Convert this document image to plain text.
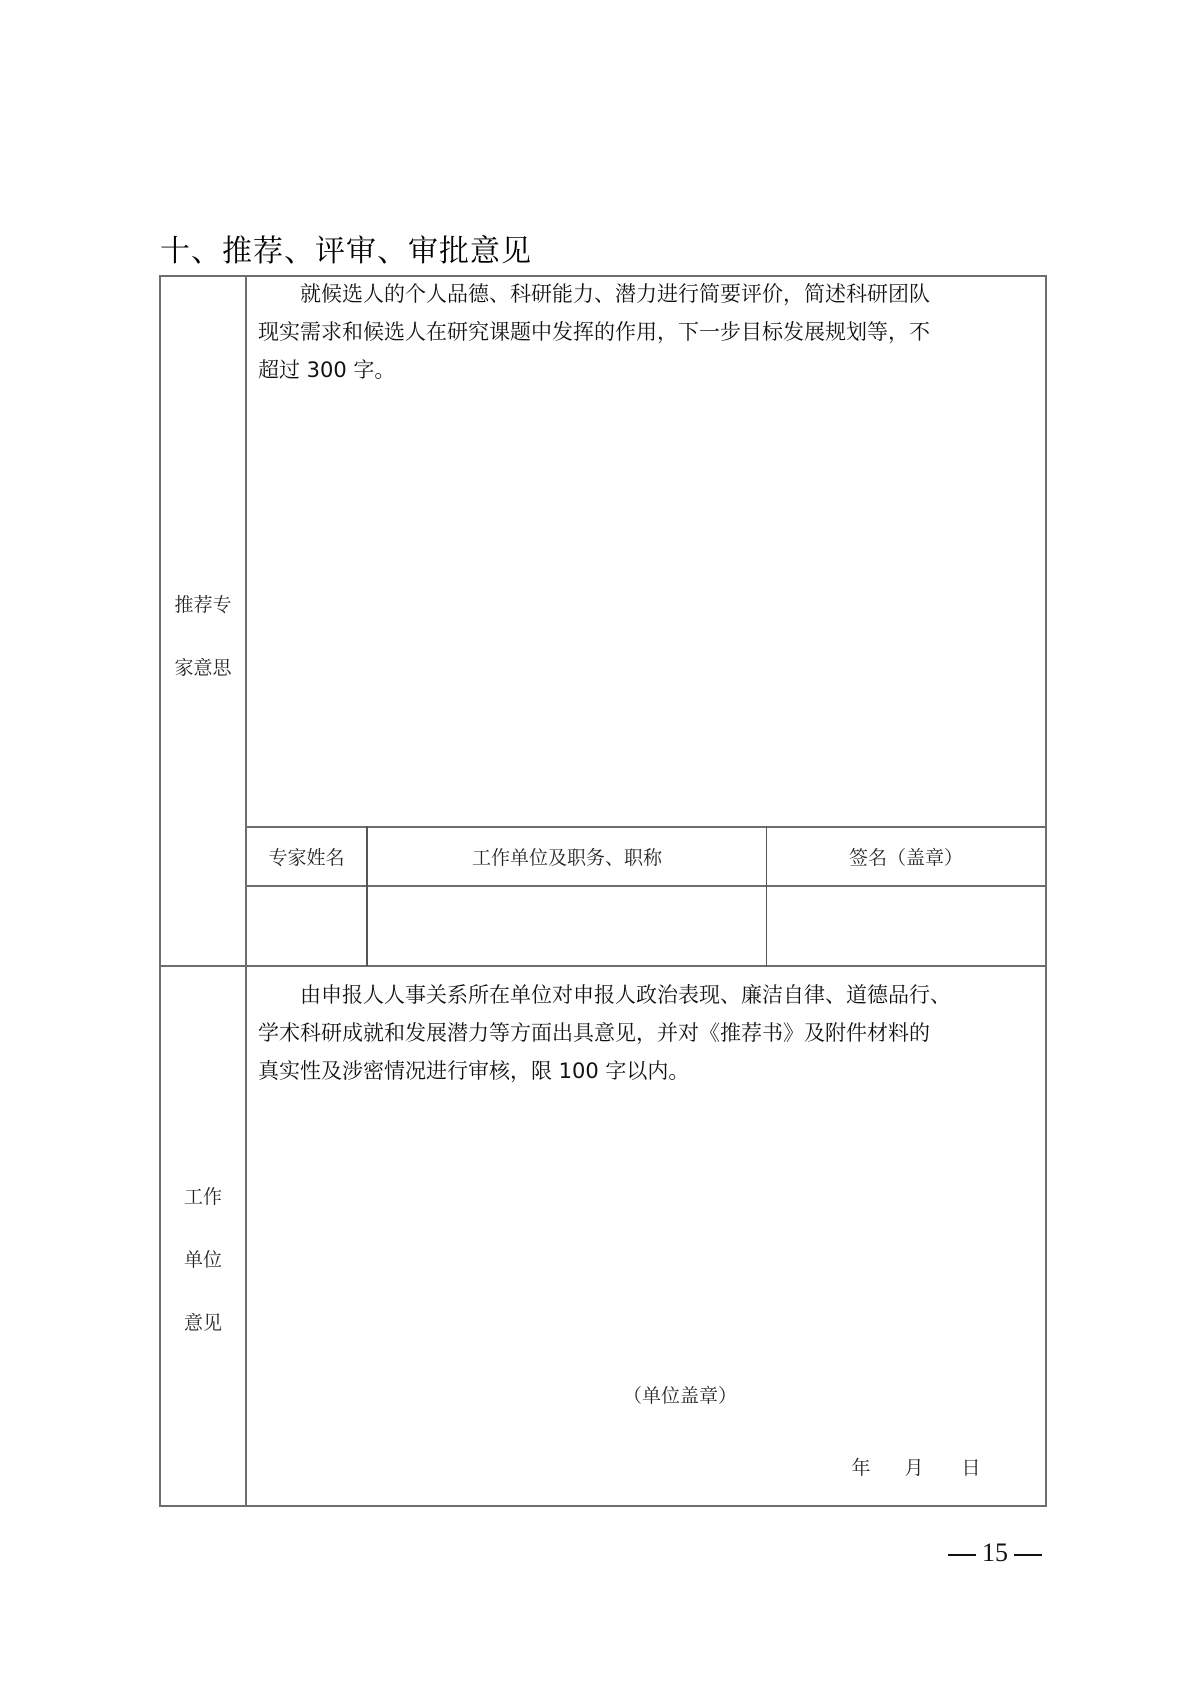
十、推荐、评审、审批意见
推荐专
家意思
就候选人的个人品德、科研能力、潜力进行简要评价，简述科研团队
现实需求和候选人在研究课题中发挥的作用，下一步目标发展规划等，不
超过 300 字。
专家姓名	工作单位及职务、职称	签名（盖章）
工作
单位
意见
由申报人人事关系所在单位对申报人政治表现、廉洁自律、道德品行、
学术科研成就和发展潜力等方面出具意见，并对《推荐书》及附件材料的
真实性及涉密情况进行审核，限 100 字以内。
（单位盖章）
年 月 日
15
